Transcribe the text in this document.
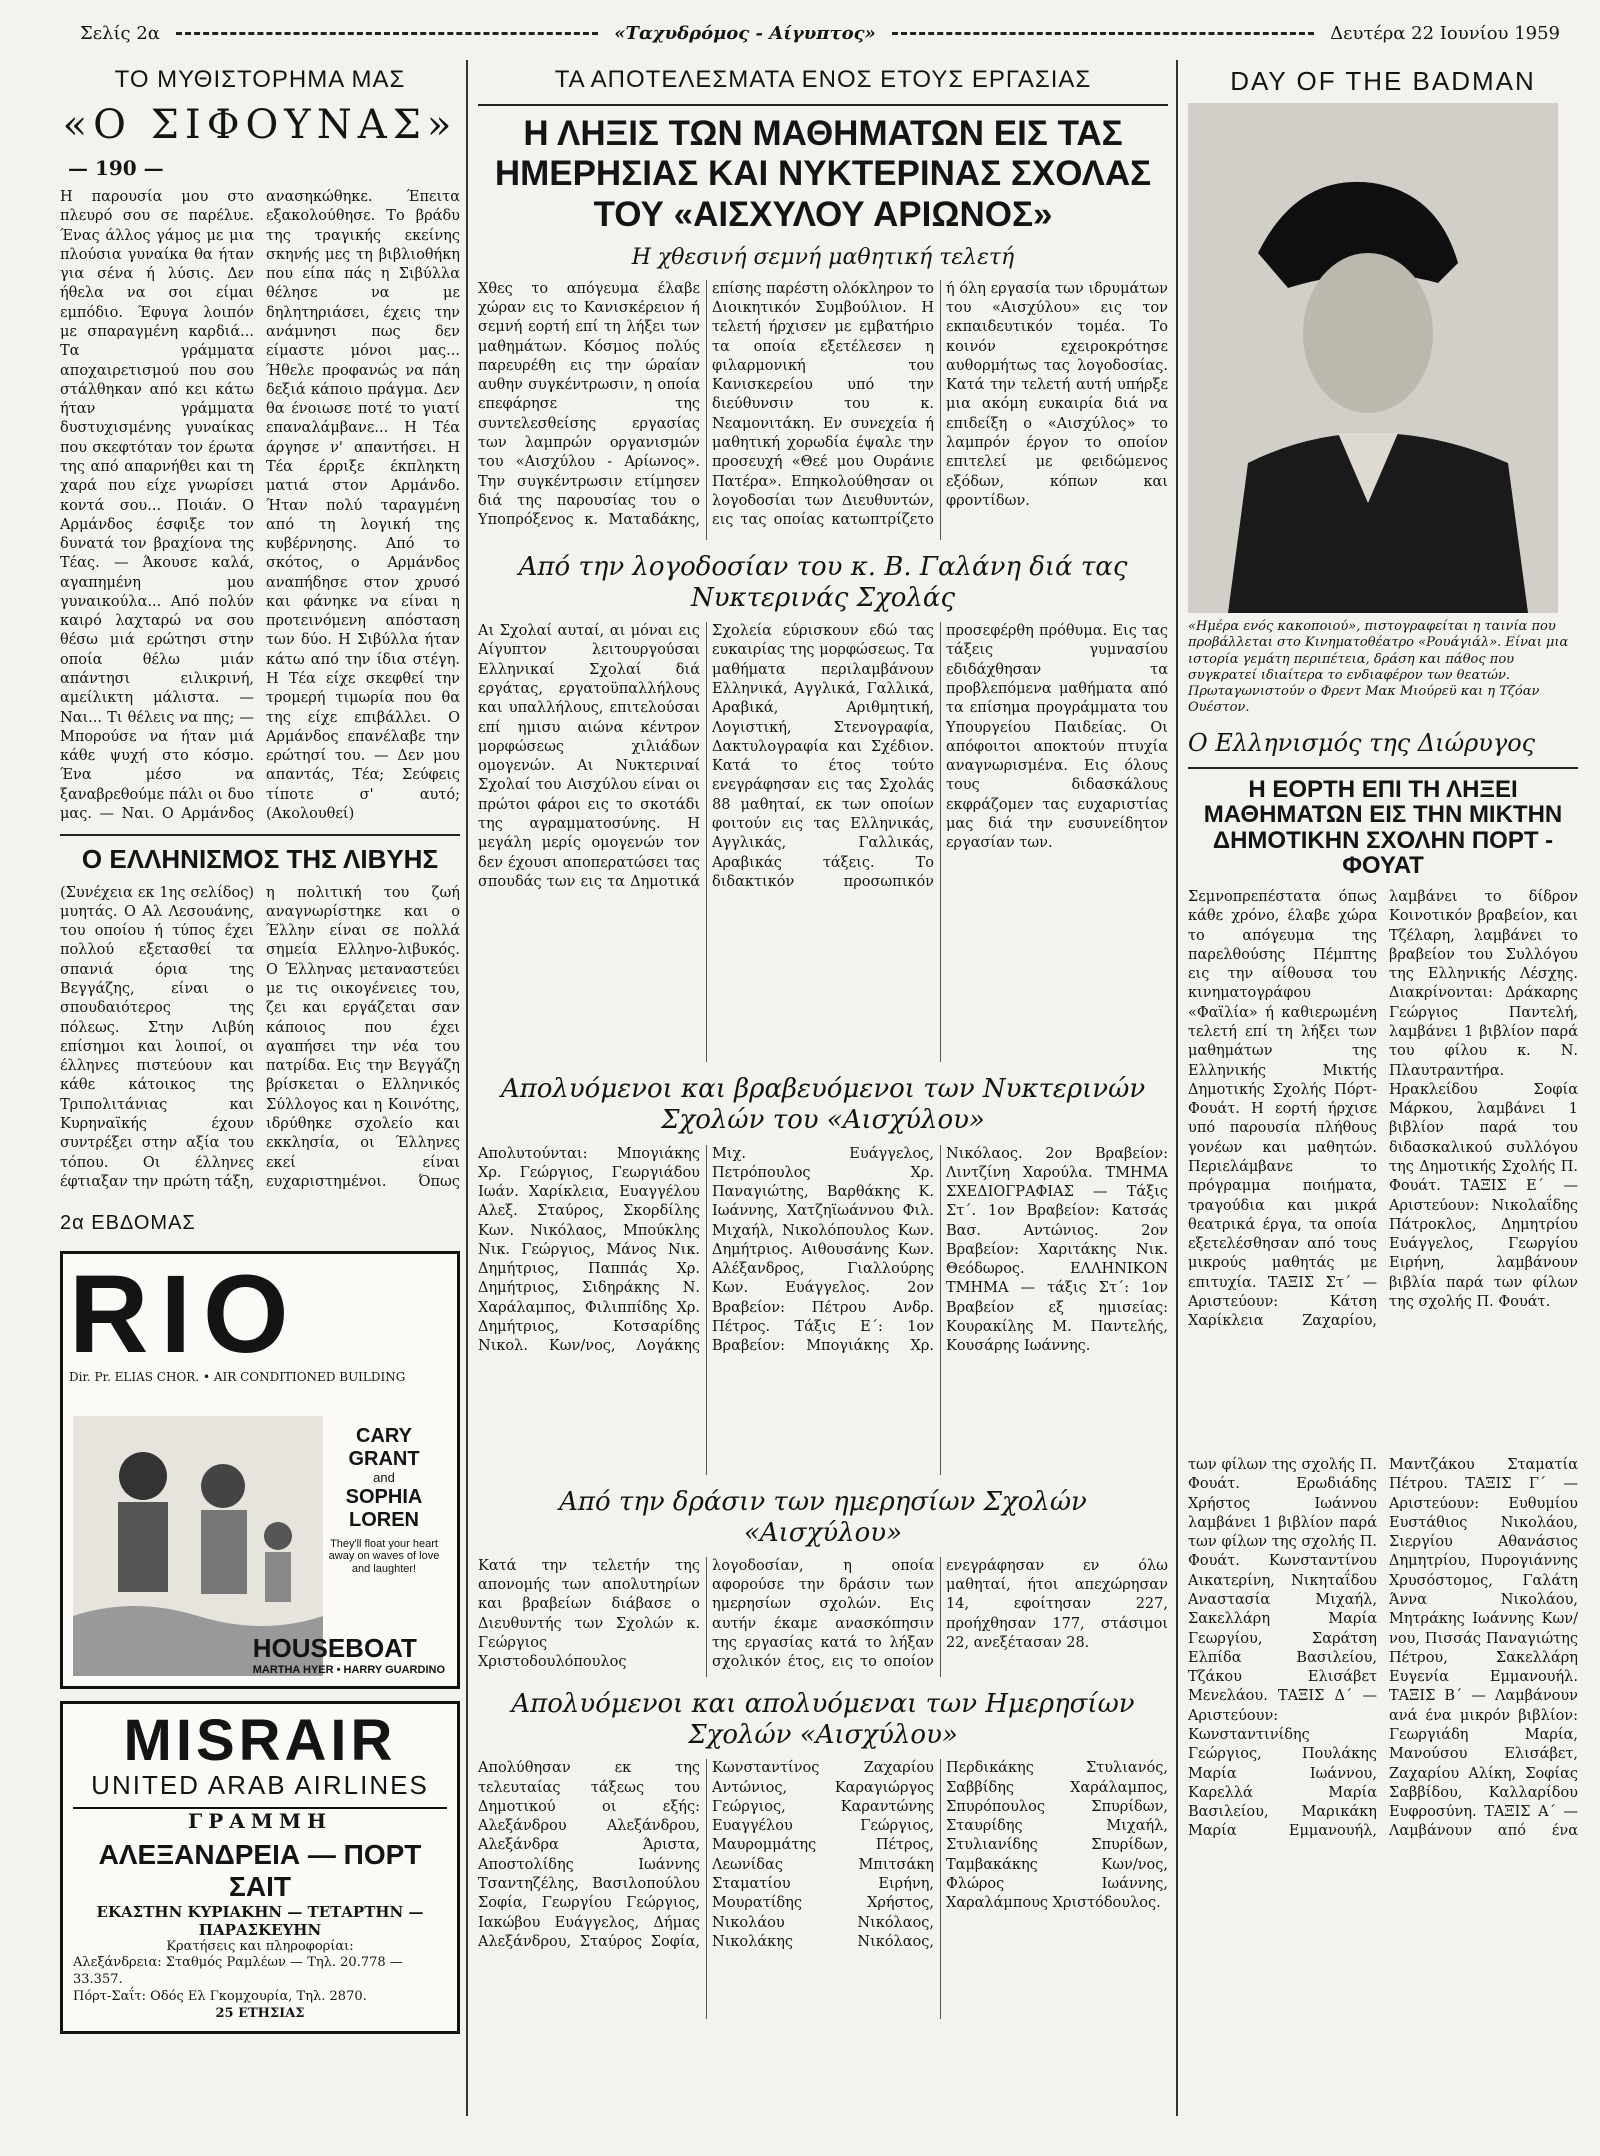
Σελίς 2α	«Ταχυδρόμος - Αίγυπτος»	Δευτέρα 22 Ιουνίου 1959
ΤΟ ΜΥΘΙΣΤΟΡΗΜΑ ΜΑΣ
«Ο ΣΙΦΟΥΝΑΣ»
— 190 —

Η παρουσία μου στο πλευρό σου σε παρέλυε. Ένας άλλος γάμος με μια πλούσια γυναίκα θα ήταν για σένα ή λύσις. Δεν ήθελα να σοι είμαι εμπόδιο. Έφυγα λοιπόν με σπαραγμένη καρδιά... Τα γράμματα αποχαιρετισμού που σου στάλθηκαν από κει κάτω ήταν γράμματα δυστυχισμένης γυναίκας που σκεφτόταν τον έρωτα της από απαρνήθει και τη χαρά που είχε γνωρίσει κοντά σου... Ποιάν. Ο Αρμάνδος έσφιξε τον δυνατά τον βραχίονα της Τέας. — Άκουσε καλά, αγαπημένη μου γυναικούλα... Από πολύν καιρό λαχταρώ να σου θέσω μιά ερώτησι στην οποία θέλω μιάν απάντησι ειλικρινή, αμείλικτη μάλιστα. — Ναι... Τι θέλεις να πης; — Μπορούσε να ήταν μιά κάθε ψυχή στο κόσμο. Ένα μέσο να ξαναβρεθούμε πάλι οι δυο μας. — Ναι. Ο Αρμάνδος ανασηκώθηκε. Έπειτα εξακολούθησε. Το βράδυ της τραγικής εκείνης σκηνής μες τη βιβλιοθήκη που είπα πάς η Σιβύλλα θέλησε να με δηλητηριάσει, έχεις την ανάμνησι πως δεν είμαστε μόνοι μας... Ήθελε προφανώς να πάη δεξιά κάποιο πράγμα. Δεν θα ένοιωσε ποτέ το γιατί επαναλάμβανε... Η Τέα άργησε ν' απαντήσει. Η Τέα έρριξε έκπληκτη ματιά στον Αρμάνδο. Ήταν πολύ ταραγμένη από τη λογική της κυβέρνησης. Από το σκότος, ο Αρμάνδος αναπήδησε στον χρυσό και φάνηκε να είναι η προτεινόμενη απόσταση των δύο. Η Σιβύλλα ήταν κάτω από την ίδια στέγη. Η Τέα είχε σκεφθεί την τρομερή τιμωρία που θα της είχε επιβάλλει. Ο Αρμάνδος επανέλαβε την ερώτησί του. — Δεν μου απαντάς, Τέα; Σεύφεις τίποτε σ' αυτό; (Ακολουθεί)

Ο ΕΛΛΗΝΙΣΜΟΣ ΤΗΣ ΛΙΒΥΗΣ

(Συνέχεια εκ 1ης σελίδος) μυητάς. Ο Αλ Λεσουάνης, του οποίου ή τύπος έχει πολλού εξετασθεί τα σπανιά όρια της Βεγγάζης, είναι ο σπουδαιότερος της πόλεως. Στην Λιβύη επίσημοι και λοιποί, οι έλληνες πιστεύουν και κάθε κάτοικος της Τριπολιτάνιας και Κυρηναϊκής έχουν συντρέξει στην αξία του τόπου. Οι έλληνες έφτιαξαν την πρώτη τάξη, η πολιτική του ζωή αναγνωρίστηκε και ο Έλλην είναι σε πολλά σημεία Ελληνο-λιβυκός. Ο Έλληνας μεταναστεύει με τις οικογένειες του, ζει και εργάζεται σαν κάποιος που έχει αγαπήσει την νέα του πατρίδα. Εις την Βεγγάζη βρίσκεται ο Ελληνικός Σύλλογος και η Κοινότης, ιδρύθηκε σχολείο και εκκλησία, οι Έλληνες εκεί είναι ευχαριστημένοι. Όπως

2α ΕΒΔΟΜΑΣ
RIO
Dir. Pr. ELIAS CHOR. • AIR CONDITIONED BUILDING
CARY GRANT
and
SOPHIA LOREN
They'll float your heart away on waves of love and laughter!
HOUSEBOAT
MARTHA HYER • HARRY GUARDINO
MISRAIR
UNITED ARAB AIRLINES
ΓΡΑΜΜΗ
ΑΛΕΞΑΝΔΡΕΙΑ — ΠΟΡΤ ΣΑΙΤ
ΕΚΑΣΤΗΝ ΚΥΡΙΑΚΗΝ — ΤΕΤΑΡΤΗΝ — ΠΑΡΑΣΚΕΥΗΝ
Κρατήσεις και πληροφορίαι:
Αλεξάνδρεια: Σταθμός Ραμλέων — Τηλ. 20.778 — 33.357.
Πόρτ-Σαΐτ: Οδός Ελ Γκομχουρία, Τηλ. 2870.
25 ΕΤΗΣΙΑΣ
ΤΑ ΑΠΟΤΕΛΕΣΜΑΤΑ ΕΝΟΣ ΕΤΟΥΣ ΕΡΓΑΣΙΑΣ
Η ΛΗΞΙΣ ΤΩΝ ΜΑΘΗΜΑΤΩΝ ΕΙΣ ΤΑΣ ΗΜΕΡΗΣΙΑΣ ΚΑΙ ΝΥΚΤΕΡΙΝΑΣ ΣΧΟΛΑΣ ΤΟΥ «ΑΙΣΧΥΛΟΥ ΑΡΙΩΝΟΣ»
Η χθεσινή σεμνή μαθητική τελετή

Χθες το απόγευμα έλαβε χώραν εις το Κανισκέρειον ή σεμνή εορτή επί τη λήξει των μαθημάτων. Κόσμος πολύς παρευρέθη εις την ώραίαν αυθην συγκέντρωσιν, η οποία επεφάρησε της συντελεσθείσης εργασίας των λαμπρών οργανισμών του «Αισχύλου - Αρίωνος». Την συγκέντρωσιν ετίμησεν διά της παρουσίας του ο Υποπρόξενος κ. Ματαδάκης, επίσης παρέστη ολόκληρον το Διοικητικόν Συμβούλιον. Η τελετή ήρχισεν με εμβατήριο τα οποία εξετέλεσεν η φιλαρμονική του Κανισκερείου υπό την διεύθυνσιν του κ. Νεαμονιτάκη. Εν συνεχεία ή μαθητική χορωδία έψαλε την προσευχή «Θεέ μου Ουράνιε Πατέρα». Επηκολούθησαν οι λογοδοσίαι των Διευθυντών, εις τας οποίας κατωπτρίζετο ή όλη εργασία των ιδρυμάτων του «Αισχύλου» εις τον εκπαιδευτικόν τομέα. Το κοινόν εχειροκρότησε αυθορμήτως τας λογοδοσίας. Κατά την τελετή αυτή υπήρξε μια ακόμη ευκαιρία διά να επιδείξη ο «Αισχύλος» το λαμπρόν έργον το οποίον επιτελεί με φειδώμενος εξόδων, κόπων και φροντίδων.

Από την λογοδοσίαν του κ. Β. Γαλάνη διά τας Νυκτερινάς Σχολάς

Αι Σχολαί αυταί, αι μόναι εις Αίγυπτον λειτουργούσαι Ελληνικαί Σχολαί διά εργάτας, εργατοϋπαλλήλους και υπαλλήλους, επιτελούσαι επί ημισυ αιώνα κέντρον μορφώσεως χιλιάδων ομογενών. Αι Νυκτεριναί Σχολαί του Αισχύλου είναι οι πρώτοι φάροι εις το σκοτάδι της αγραμματοσύνης. Η μεγάλη μερίς ομογενών τον δεν έχουσι αποπερατώσει τας σπουδάς των εις τα Δημοτικά Σχολεία εύρισκουν εδώ τας ευκαιρίας της μορφώσεως. Τα μαθήματα περιλαμβάνουν Ελληνικά, Αγγλικά, Γαλλικά, Αραβικά, Αριθμητική, Λογιστική, Στενογραφία, Δακτυλογραφία και Σχέδιον. Κατά το έτος τούτο ενεγράφησαν εις τας Σχολάς 88 μαθηταί, εκ των οποίων φοιτούν εις τας Ελληνικάς, Αγγλικάς, Γαλλικάς, Αραβικάς τάξεις. Το διδακτικόν προσωπικόν προσεφέρθη πρόθυμα. Εις τας τάξεις γυμνασίου εδιδάχθησαν τα προβλεπόμενα μαθήματα από τα επίσημα προγράμματα του Υπουργείου Παιδείας. Οι απόφοιτοι αποκτούν πτυχία αναγνωρισμένα. Εις όλους τους διδασκάλους εκφράζομεν τας ευχαριστίας μας διά την ευσυνείδητον εργασίαν των.

Απολυόμενοι και βραβευόμενοι των Νυκτερινών Σχολών του «Αισχύλου»

Απολυτούνται: Μπογιάκης Χρ. Γεώργιος, Γεωργιάδου Ιωάν. Χαρίκλεια, Ευαγγέλου Αλεξ. Σταύρος, Σκορδίλης Κων. Νικόλαος, Μπούκλης Νικ. Γεώργιος, Μάνος Νικ. Δημήτριος, Παππάς Χρ. Δημήτριος, Σιδηράκης Ν. Χαράλαμπος, Φιλιππίδης Χρ. Δημήτριος, Κοτσαρίδης Νικολ. Κων/νος, Λογάκης Μιχ. Ευάγγελος, Πετρόπουλος Χρ. Παναγιώτης, Βαρθάκης Κ. Ιωάννης, Χατζηϊωάννου Φιλ. Μιχαήλ, Νικολόπουλος Κων. Δημήτριος. Αιθουσάνης Κων. Αλέξανδρος, Γιαλλούρης Κων. Ευάγγελος. 2ον Βραβείον: Πέτρου Ανδρ. Πέτρος. Τάξις Ε΄: 1ον Βραβείον: Μπογιάκης Χρ. Νικόλαος. 2ον Βραβείον: Λιντζίνη Χαρούλα. ΤΜΗΜΑ ΣΧΕΔΙΟΓΡΑΦΙΑΣ — Τάξις Στ΄. 1ον Βραβείον: Κατσάς Βασ. Αντώνιος. 2ον Βραβείον: Χαριτάκης Νικ. Θεόδωρος. ΕΛΛΗΝΙΚΟΝ ΤΜΗΜΑ — τάξις Στ΄: 1ον Βραβείον εξ ημισείας: Κουρακίλης Μ. Παντελής, Κουσάρης Ιωάννης.

Από την δράσιν των ημερησίων Σχολών «Αισχύλου»

Κατά την τελετήν της απονομής των απολυτηρίων και βραβείων διάβασε ο Διευθυντής των Σχολών κ. Γεώργιος Χριστοδουλόπουλος λογοδοσίαν, η οποία αφορούσε την δράσιν των ημερησίων σχολών. Εις αυτήν έκαμε ανασκόπησιν της εργασίας κατά το λήξαν σχολικόν έτος, εις το οποίον ενεγράφησαν εν όλω μαθηταί, ήτοι απεχώρησαν 14, εφοίτησαν 227, προήχθησαν 177, στάσιμοι 22, ανεξέτασαν 28.

Απολυόμενοι και απολυόμεναι των Ημερησίων Σχολών «Αισχύλου»

Απολύθησαν εκ της τελευταίας τάξεως του Δημοτικού οι εξής: Αλεξάνδρου Αλεξάνδρου, Αλεξάνδρα Άριστα, Αποστολίδης Ιωάννης Τσαντηζέλης, Βασιλοπούλου Σοφία, Γεωργίου Γεώργιος, Ιακώβου Ευάγγελος, Δήμας Αλεξάνδρου, Σταύρος Σοφία, Κωνσταντίνος Ζαχαρίου Αντώνιος, Καραγιώργος Γεώργιος, Καραντώνης Ευαγγέλου Γεώργιος, Μαυρομμάτης Πέτρος, Λεωνίδας Μπιτσάκη Σταματίου Ειρήνη, Μουρατίδης Χρήστος, Νικολάου Νικόλαος, Νικολάκης Νικόλαος, Περδικάκης Στυλιανός, Σαββίδης Χαράλαμπος, Σπυρόπουλος Σπυρίδων, Σταυρίδης Μιχαήλ, Στυλιανίδης Σπυρίδων, Ταμβακάκης Κων/νος, Φλώρος Ιωάννης, Χαραλάμπους Χριστόδουλος.

DAY OF THE BADMAN
«Ημέρα ενός κακοποιού», πιστογραφείται η ταινία που προβάλλεται στο Κινηματοθέατρο «Ρουάγιάλ». Είναι μια ιστορία γεμάτη περιπέτεια, δράση και πάθος που συγκρατεί ιδιαίτερα το ενδιαφέρον των θεατών. Πρωταγωνιστούν ο Φρεντ Μακ Μιούρεϋ και η Τζόαν Ουέστον.
Ο Ελληνισμός της Διώρυγος
Η ΕΟΡΤΗ ΕΠΙ ΤΗ ΛΗΞΕΙ ΜΑΘΗΜΑΤΩΝ ΕΙΣ ΤΗΝ ΜΙΚΤΗΝ ΔΗΜΟΤΙΚΗΝ ΣΧΟΛΗΝ ΠΟΡΤ - ΦΟΥΑΤ

Σεμνοπρεπέστατα όπως κάθε χρόνο, έλαβε χώρα το απόγευμα της παρελθούσης Πέμπτης εις την αίθουσα του κινηματογράφου «Φαϊλία» ή καθιερωμένη τελετή επί τη λήξει των μαθημάτων της Ελληνικής Μικτής Δημοτικής Σχολής Πόρτ-Φουάτ. Η εορτή ήρχισε υπό παρουσία πλήθους γονέων και μαθητών. Περιελάμβανε το πρόγραμμα ποιήματα, τραγούδια και μικρά θεατρικά έργα, τα οποία εξετελέσθησαν από τους μικρούς μαθητάς με επιτυχία. ΤΑΞΙΣ Στ΄ — Αριστεύουν: Κάτση Χαρίκλεια Ζαχαρίου, λαμβάνει το δίδρον Κοινοτικόν βραβείον, και Τζέλαρη, λαμβάνει το βραβείον του Συλλόγου της Ελληνικής Λέσχης. Διακρίνονται: Δράκαρης Γεώργιος Παντελή, λαμβάνει 1 βιβλίον παρά του φίλου κ. Ν. Πλαυτραντήρα. Ηρακλείδου Σοφία Μάρκου, λαμβάνει 1 βιβλίον παρά του διδασκαλικού συλλόγου της Δημοτικής Σχολής Π. Φουάτ. ΤΑΞΙΣ Ε΄ — Αριστεύουν: Νικολαΐδης Πάτροκλος, Δημητρίου Ευάγγελος, Γεωργίου Ειρήνη, λαμβάνουν βιβλία παρά των φίλων της σχολής Π. Φουάτ.

των φίλων της σχολής Π. Φουάτ. Ερωδιάδης Χρήστος Ιωάννου λαμβάνει 1 βιβλίον παρά των φίλων της σχολής Π. Φουάτ. Κωνσταντίνου Αικατερίνη, Νικηταΐδου Αναστασία Μιχαήλ, Σακελλάρη Μαρία Γεωργίου, Σαράτση Ελπίδα Βασιλείου, Τζάκου Ελισάβετ Μενελάου. ΤΑΞΙΣ Δ΄ — Αριστεύουν: Κωνσταντινίδης Γεώργιος, Πουλάκης Μαρία Ιωάννου, Καρελλά Μαρία Βασιλείου, Μαρικάκη Μαρία Εμμανουήλ, Μαντζάκου Σταματία Πέτρου. ΤΑΞΙΣ Γ΄ — Αριστεύουν: Ευθυμίου Ευστάθιος Νικολάου, Σιεργίου Αθανάσιος Δημητρίου, Πυρογιάννης Χρυσόστομος, Γαλάτη Άννα Νικολάου, Μητράκης Ιωάννης Κων/νου, Πισσάς Παναγιώτης Πέτρου, Σακελλάρη Ευγενία Εμμανουήλ. ΤΑΞΙΣ Β΄ — Λαμβάνουν ανά ένα μικρόν βιβλίον: Γεωργιάδη Μαρία, Μανούσου Ελισάβετ, Ζαχαρίου Αλίκη, Σοφίας Σαββίδου, Καλλαρίδου Ευφροσύνη. ΤΑΞΙΣ Α΄ — Λαμβάνουν από ένα
